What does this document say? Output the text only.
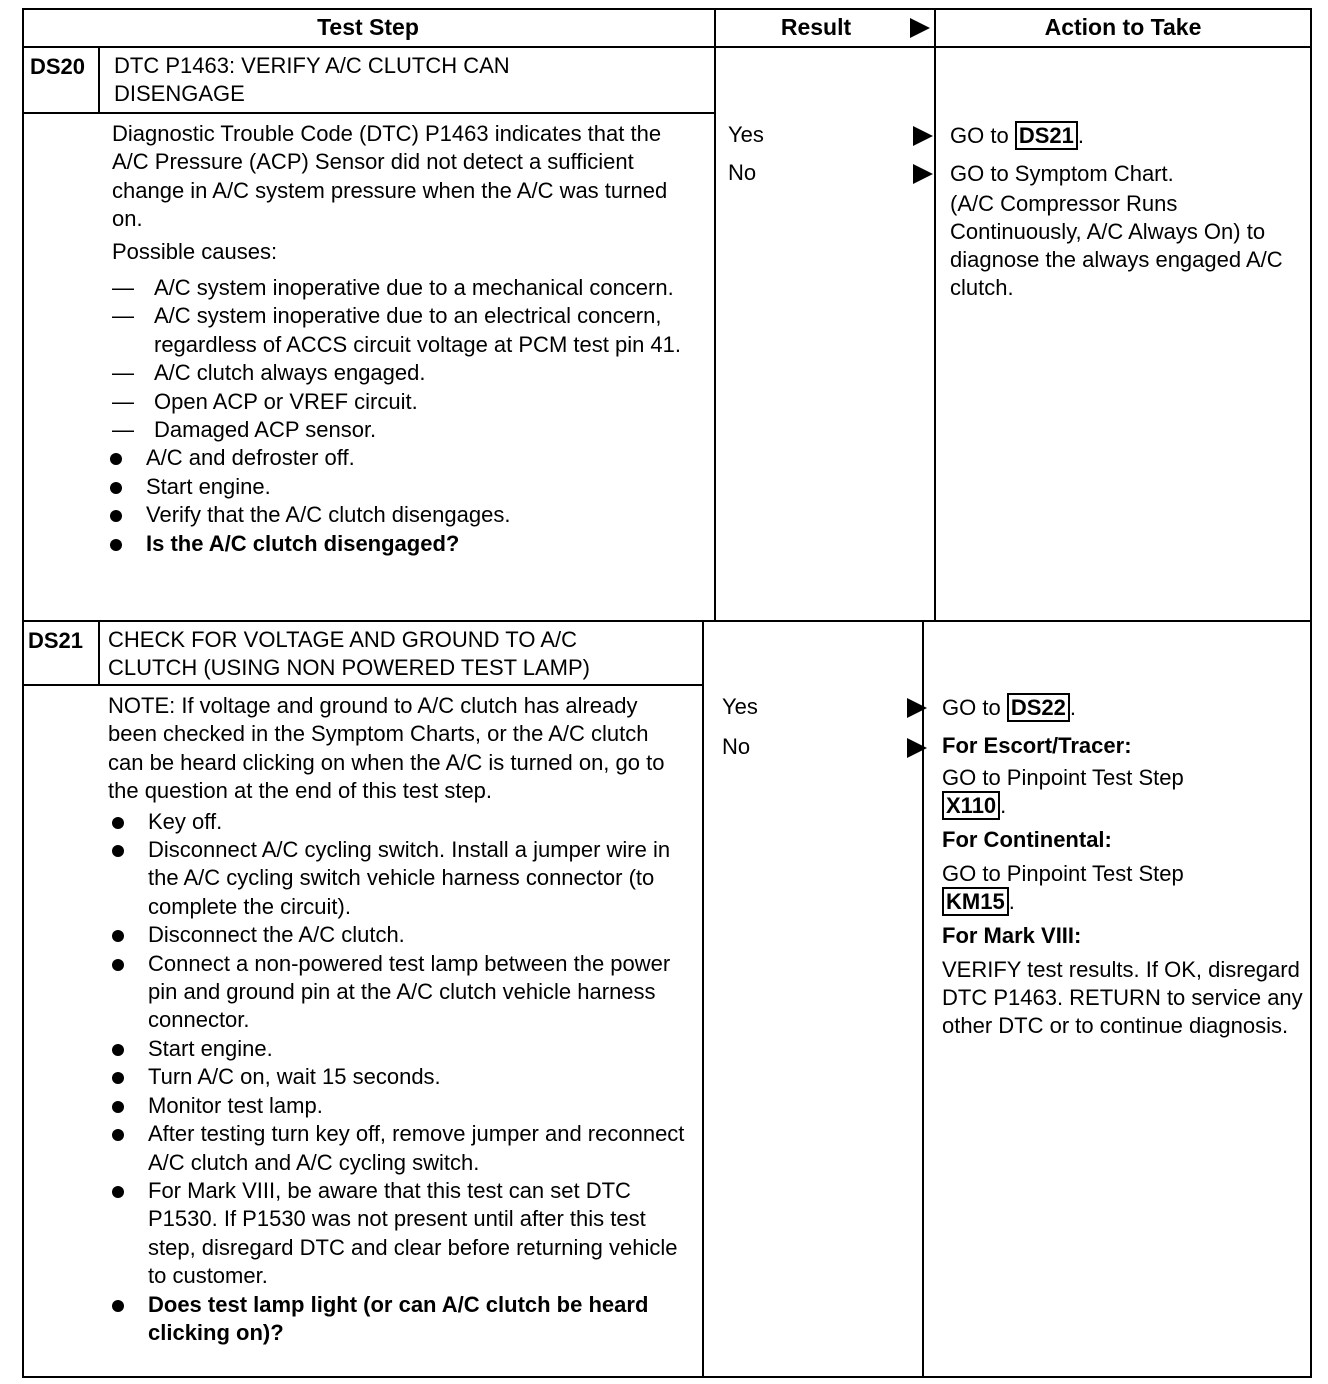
Test Step	Result	Action to Take
DS20 DTC P1463: VERIFY A/C CLUTCH CAN
DISENGAGE

Diagnostic Trouble Code (DTC) P1463 indicates that the A/C Pressure (ACP) Sensor did not detect a sufficient change in A/C system pressure when the A/C was turned on.

Possible causes:

— A/C system inoperative due to a mechanical concern.
— A/C system inoperative due to an electrical concern, regardless of ACCS circuit voltage at PCM test pin 41.
— A/C clutch always engaged.
— Open ACP or VREF circuit.
— Damaged ACP sensor.
A/C and defroster off.
Start engine.
Verify that the A/C clutch disengages.
Is the A/C clutch disengaged?
Yes
No

GO to DS21 .

GO to Symptom Chart.

(A/C Compressor Runs Continuously, A/C Always On) to diagnose the always engaged A/C clutch.

DS21 CHECK FOR VOLTAGE AND GROUND TO A/C
CLUTCH (USING NON POWERED TEST LAMP)

NOTE: If voltage and ground to A/C clutch has already been checked in the Symptom Charts, or the A/C clutch can be heard clicking on when the A/C is turned on, go to the question at the end of this test step.

Key off.
Disconnect A/C cycling switch. Install a jumper wire in the A/C cycling switch vehicle harness connector (to complete the circuit).
Disconnect the A/C clutch.
Connect a non-powered test lamp between the power pin and ground pin at the A/C clutch vehicle harness connector.
Start engine.
Turn A/C on, wait 15 seconds.
Monitor test lamp.
After testing turn key off, remove jumper and reconnect A/C clutch and A/C cycling switch.
For Mark VIII, be aware that this test can set DTC P1530. If P1530 was not present until after this test step, disregard DTC and clear before returning vehicle to customer.
Does test lamp light (or can A/C clutch be heard clicking on)?
Yes
No

GO to DS22 .

For Escort/Tracer:

GO to Pinpoint Test Step
X110 .

For Continental:

GO to Pinpoint Test Step
KM15 .

For Mark VIII:

VERIFY test results. If OK, disregard DTC P1463. RETURN to service any other DTC or to continue diagnosis.
